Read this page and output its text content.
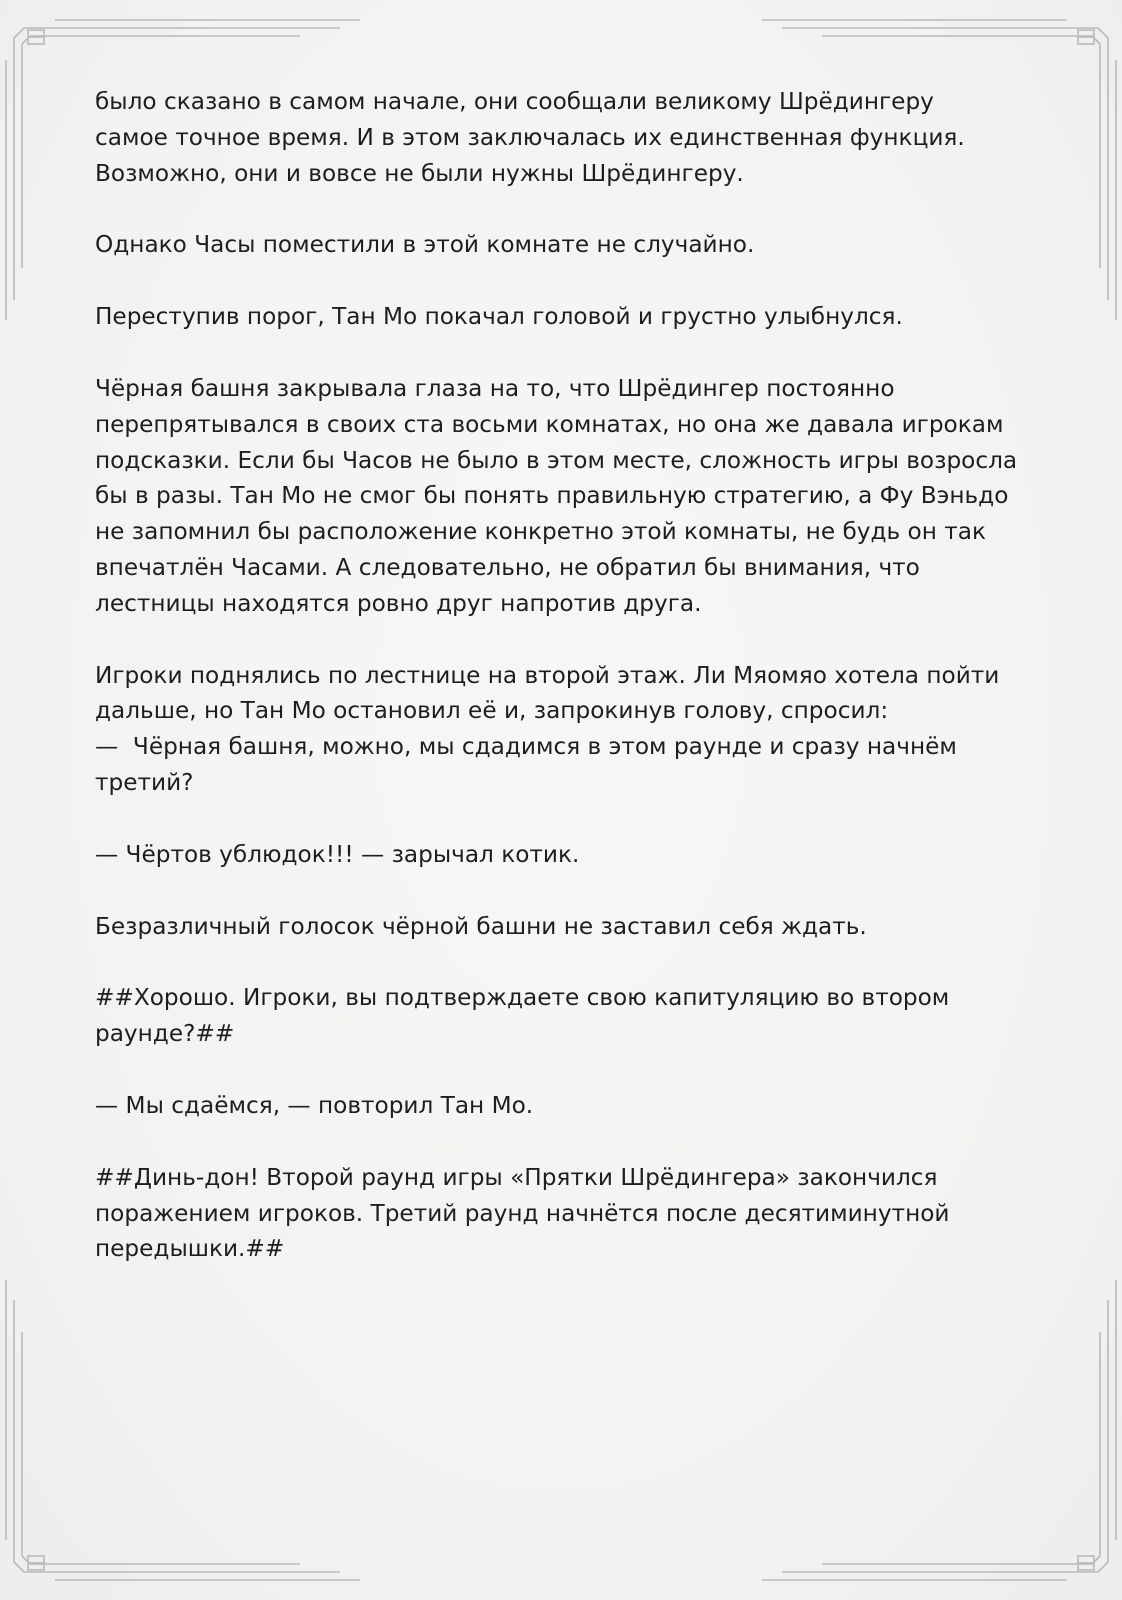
было сказано в самом начале, они сообщали великому Шрёдингеру
самое точное время. И в этом заключалась их единственная функция.
Возможно, они и вовсе не были нужны Шрёдингеру.

Однако Часы поместили в этой комнате не случайно.

Переступив порог, Тан Мо покачал головой и грустно улыбнулся.

Чёрная башня закрывала глаза на то, что Шрёдингер постоянно
перепрятывался в своих ста восьми комнатах, но она же давала игрокам
подсказки. Если бы Часов не было в этом месте, сложность игры возросла
бы в разы. Тан Мо не смог бы понять правильную стратегию, а Фу Вэньдо
не запомнил бы расположение конкретно этой комнаты, не будь он так
впечатлён Часами. А следовательно, не обратил бы внимания, что
лестницы находятся ровно друг напротив друга.

Игроки поднялись по лестнице на второй этаж. Ли Мяомяо хотела пойти
дальше, но Тан Мо остановил её и, запрокинув голову, спросил:
—  Чёрная башня, можно, мы сдадимся в этом раунде и сразу начнём
третий?

— Чёртов ублюдок!!! — зарычал котик.

Безразличный голосок чёрной башни не заставил себя ждать.

##Хорошо. Игроки, вы подтверждаете свою капитуляцию во втором
раунде?##

— Мы сдаёмся, — повторил Тан Мо.

##Динь-дон! Второй раунд игры «Прятки Шрёдингера» закончился
поражением игроков. Третий раунд начнётся после десятиминутной
передышки.##
